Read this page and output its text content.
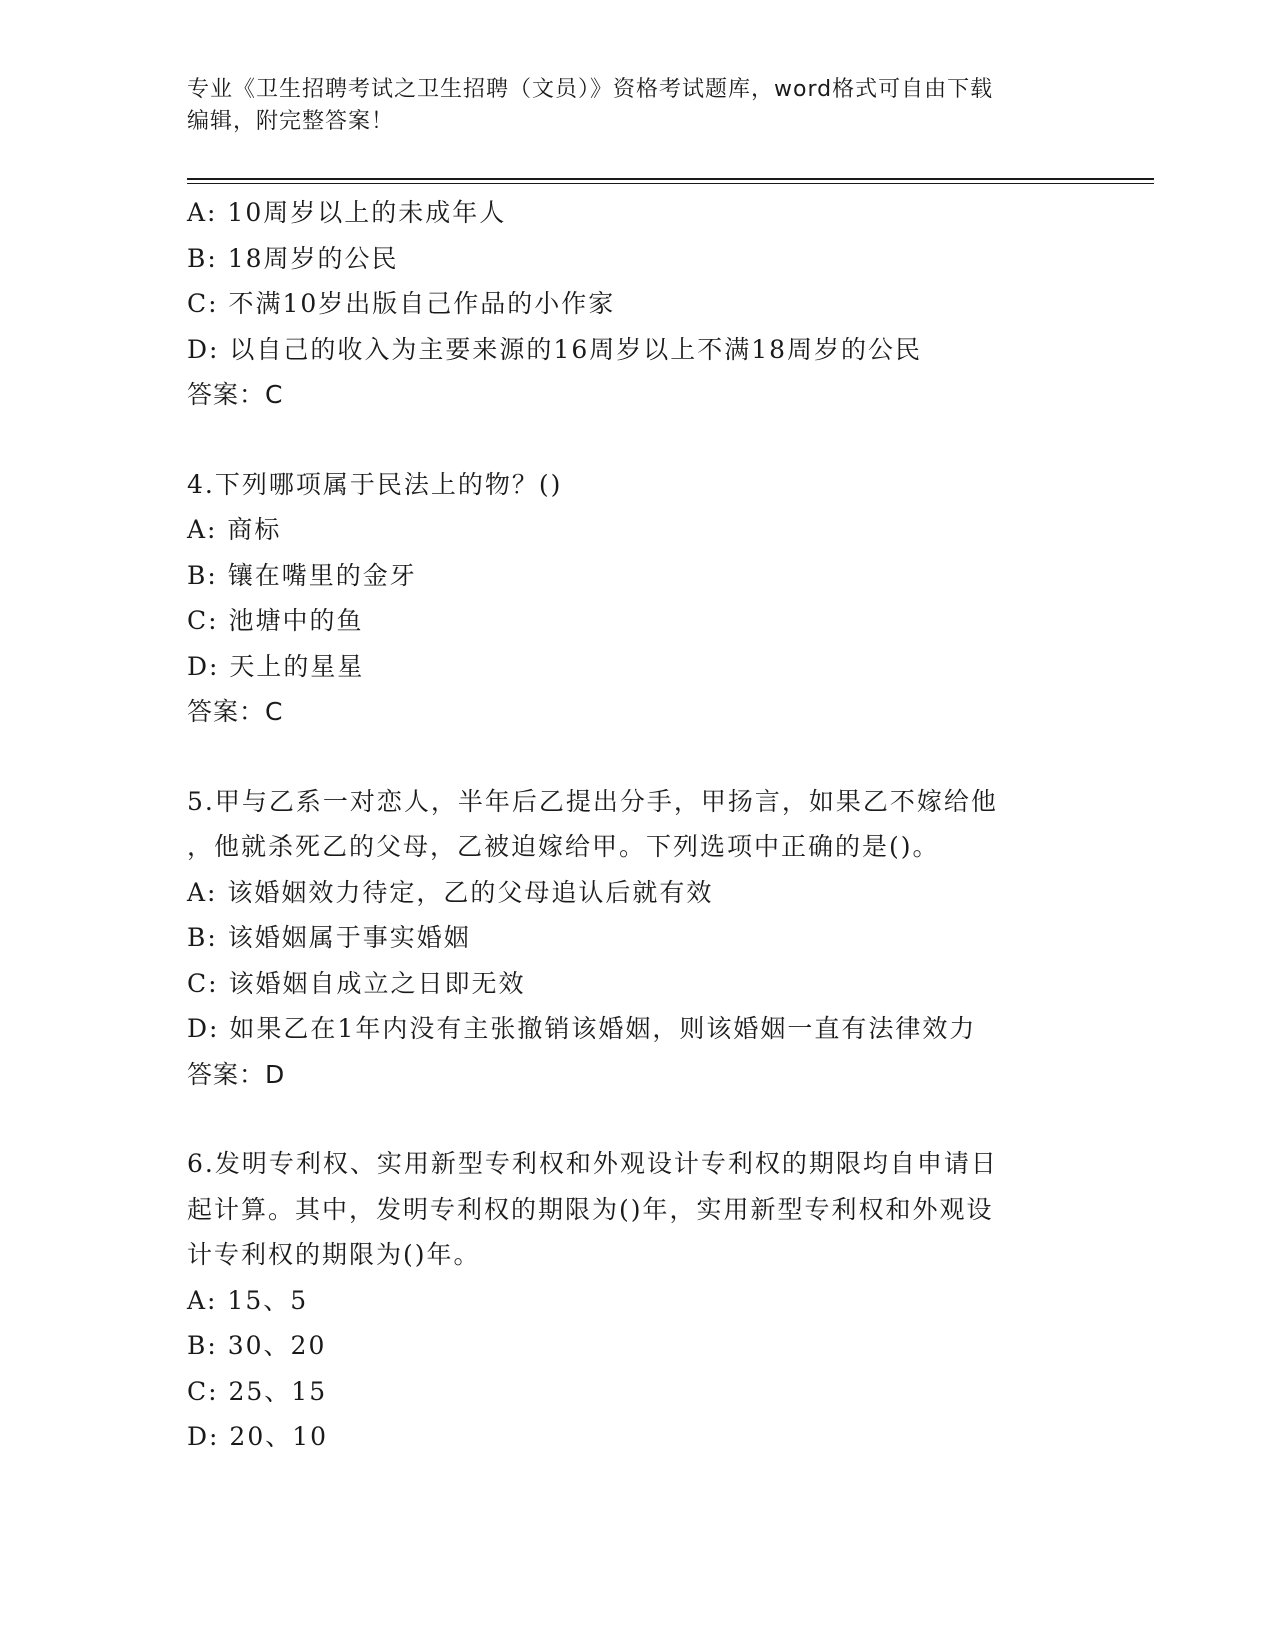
专业《卫生招聘考试之卫生招聘（文员）》资格考试题库，word格式可自由下载
编辑，附完整答案！
A: 10周岁以上的未成年人
B: 18周岁的公民
C: 不满10岁出版自己作品的小作家
D: 以自己的收入为主要来源的16周岁以上不满18周岁的公民
答案：C
4.下列哪项属于民法上的物？()
A: 商标
B: 镶在嘴里的金牙
C: 池塘中的鱼
D: 天上的星星
答案：C
5.甲与乙系一对恋人，半年后乙提出分手，甲扬言，如果乙不嫁给他
，他就杀死乙的父母，乙被迫嫁给甲。下列选项中正确的是()。
A: 该婚姻效力待定，乙的父母追认后就有效
B: 该婚姻属于事实婚姻
C: 该婚姻自成立之日即无效
D: 如果乙在1年内没有主张撤销该婚姻，则该婚姻一直有法律效力
答案：D
6.发明专利权、实用新型专利权和外观设计专利权的期限均自申请日
起计算。其中，发明专利权的期限为()年，实用新型专利权和外观设
计专利权的期限为()年。
A: 15、5
B: 30、20
C: 25、15
D: 20、10
